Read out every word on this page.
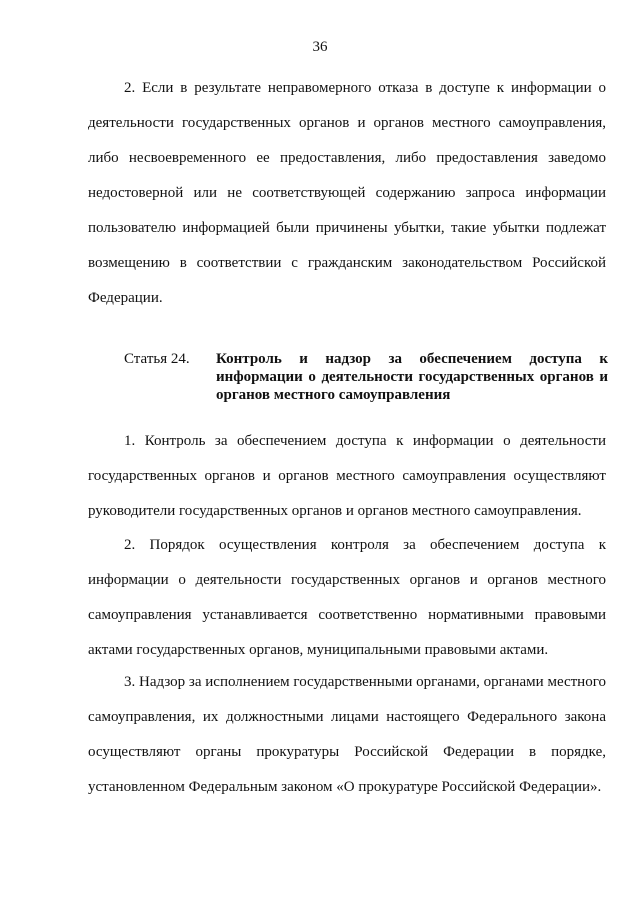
36

2. Если в результате неправомерного отказа в доступе к информации о деятельности государственных органов и органов местного самоуправления, либо несвоевременного ее предоставления, либо предоставления заведомо недостоверной или не соответствующей содержанию запроса информации пользователю информацией были причинены убытки, такие убытки подлежат возмещению в соответствии с гражданским законодательством Российской Федерации.

Статья 24.	Контроль и надзор за обеспечением доступа к информации о деятельности государственных органов и органов местного самоуправления

1. Контроль за обеспечением доступа к информации о деятельности государственных органов и органов местного самоуправления осуществляют руководители государственных органов и органов местного самоуправления.

2. Порядок осуществления контроля за обеспечением доступа к информации о деятельности государственных органов и органов местного самоуправления устанавливается соответственно нормативными правовыми актами государственных органов, муниципальными правовыми актами.

3. Надзор за исполнением государственными органами, органами местного самоуправления, их должностными лицами настоящего Федерального закона осуществляют органы прокуратуры Российской Федерации в порядке, установленном Федеральным законом «О прокуратуре Российской Федерации».
